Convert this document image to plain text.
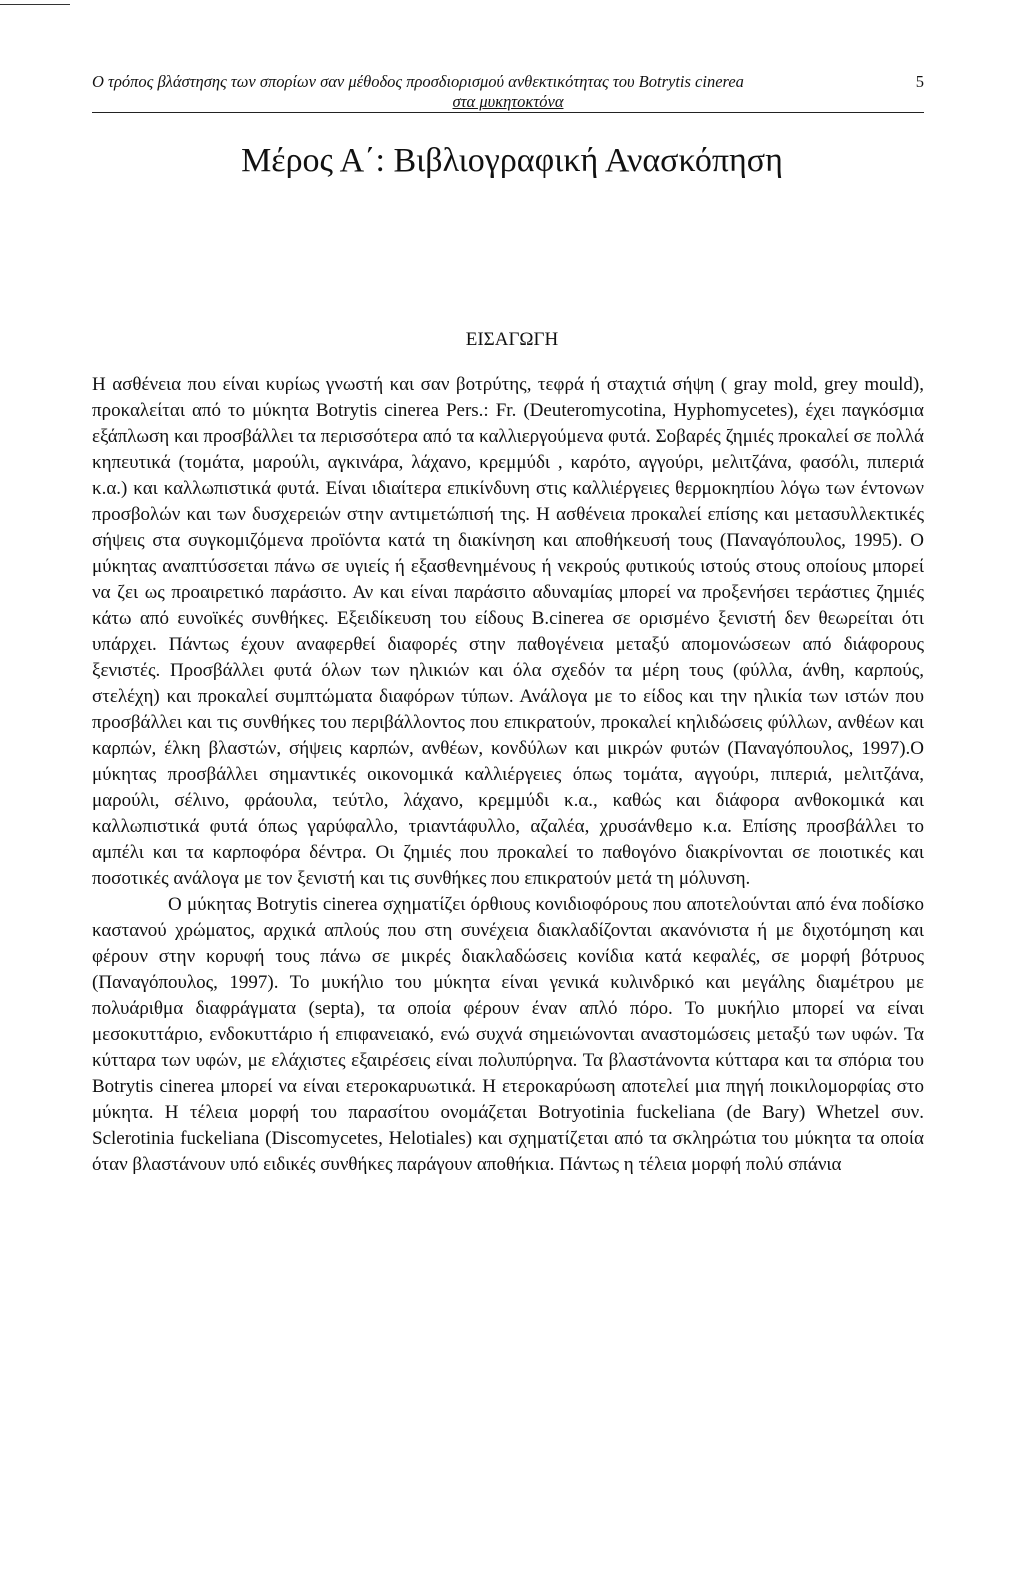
Ο τρόπος βλάστησης των σπορίων σαν μέθοδος προσδιορισμού ανθεκτικότητας του Botrytis cinerea	5
στα μυκητοκτόνα
Μέρος Α΄: Βιβλιογραφική Ανασκόπηση
ΕΙΣΑΓΩΓΗ

Η ασθένεια που είναι κυρίως γνωστή και σαν βοτρύτης, τεφρά ή σταχτιά σήψη ( gray mold, grey mould), προκαλείται από το μύκητα Botrytis cinerea Pers.: Fr. (Deuteromycotina, Hyphomycetes), έχει παγκόσμια εξάπλωση και προσβάλλει τα περισσότερα από τα καλλιεργούμενα φυτά. Σοβαρές ζημιές προκαλεί σε πολλά κηπευτικά (τομάτα, μαρούλι, αγκινάρα, λάχανο, κρεμμύδι , καρότο, αγγούρι, μελιτζάνα, φασόλι, πιπεριά κ.α.) και καλλωπιστικά φυτά. Είναι ιδιαίτερα επικίνδυνη στις καλλιέργειες θερμοκηπίου λόγω των έντονων προσβολών και των δυσχερειών στην αντιμετώπισή της. Η ασθένεια προκαλεί επίσης και μετασυλλεκτικές σήψεις στα συγκομιζόμενα προϊόντα κατά τη διακίνηση και αποθήκευσή τους (Παναγόπουλος, 1995). Ο μύκητας αναπτύσσεται πάνω σε υγιείς ή εξασθενημένους ή νεκρούς φυτικούς ιστούς στους οποίους μπορεί να ζει ως προαιρετικό παράσιτο. Αν και είναι παράσιτο αδυναμίας μπορεί να προξενήσει τεράστιες ζημιές κάτω από ευνοϊκές συνθήκες. Εξειδίκευση του είδους B.cinerea σε ορισμένο ξενιστή δεν θεωρείται ότι υπάρχει. Πάντως έχουν αναφερθεί διαφορές στην παθογένεια μεταξύ απομονώσεων από διάφορους ξενιστές. Προσβάλλει φυτά όλων των ηλικιών και όλα σχεδόν τα μέρη τους (φύλλα, άνθη, καρπούς, στελέχη) και προκαλεί συμπτώματα διαφόρων τύπων. Ανάλογα με το είδος και την ηλικία των ιστών που προσβάλλει και τις συνθήκες του περιβάλλοντος που επικρατούν, προκαλεί κηλιδώσεις φύλλων, ανθέων και καρπών, έλκη βλαστών, σήψεις καρπών, ανθέων, κονδύλων και μικρών φυτών (Παναγόπουλος, 1997).Ο μύκητας προσβάλλει σημαντικές οικονομικά καλλιέργειες όπως τομάτα, αγγούρι, πιπεριά, μελιτζάνα, μαρούλι, σέλινο, φράουλα, τεύτλο, λάχανο, κρεμμύδι κ.α., καθώς και διάφορα ανθοκομικά και καλλωπιστικά φυτά όπως γαρύφαλλο, τριαντάφυλλο, αζαλέα, χρυσάνθεμο κ.α. Επίσης προσβάλλει το αμπέλι και τα καρποφόρα δέντρα. Οι ζημιές που προκαλεί το παθογόνο διακρίνονται σε ποιοτικές και ποσοτικές ανάλογα με τον ξενιστή και τις συνθήκες που επικρατούν μετά τη μόλυνση.

Ο μύκητας Botrytis cinerea σχηματίζει όρθιους κονιδιοφόρους που αποτελούνται από ένα ποδίσκο καστανού χρώματος, αρχικά απλούς που στη συνέχεια διακλαδίζονται ακανόνιστα ή με διχοτόμηση και φέρουν στην κορυφή τους πάνω σε μικρές διακλαδώσεις κονίδια κατά κεφαλές, σε μορφή βότρυος (Παναγόπουλος, 1997). Το μυκήλιο του μύκητα είναι γενικά κυλινδρικό και μεγάλης διαμέτρου με πολυάριθμα διαφράγματα (septa), τα οποία φέρουν έναν απλό πόρο. Το μυκήλιο μπορεί να είναι μεσοκυττάριο, ενδοκυττάριο ή επιφανειακό, ενώ συχνά σημειώνονται αναστομώσεις μεταξύ των υφών. Τα κύτταρα των υφών, με ελάχιστες εξαιρέσεις είναι πολυπύρηνα. Τα βλαστάνοντα κύτταρα και τα σπόρια του Botrytis cinerea μπορεί να είναι ετεροκαρυωτικά. Η ετεροκαρύωση αποτελεί μια πηγή ποικιλομορφίας στο μύκητα. Η τέλεια μορφή του παρασίτου ονομάζεται Botryotinia fuckeliana (de Bary) Whetzel συν. Sclerotinia fuckeliana (Discomycetes, Helotiales) και σχηματίζεται από τα σκληρώτια του μύκητα τα οποία όταν βλαστάνουν υπό ειδικές συνθήκες παράγουν αποθήκια. Πάντως η τέλεια μορφή πολύ σπάνια
